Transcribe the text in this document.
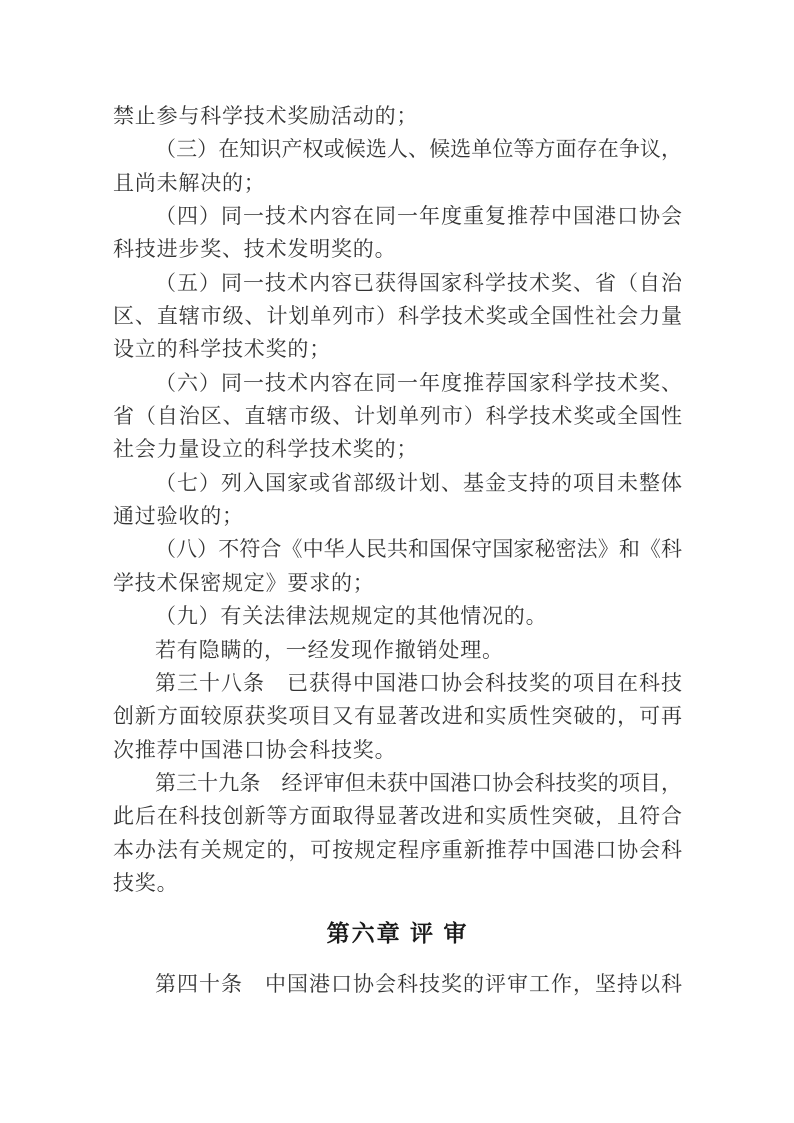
禁止参与科学技术奖励活动的；
（三）在知识产权或候选人、候选单位等方面存在争议，
且尚未解决的；
（四）同一技术内容在同一年度重复推荐中国港口协会
科技进步奖、技术发明奖的。
（五）同一技术内容已获得国家科学技术奖、省（自治
区、直辖市级、计划单列市）科学技术奖或全国性社会力量
设立的科学技术奖的；
（六）同一技术内容在同一年度推荐国家科学技术奖、
省（自治区、直辖市级、计划单列市）科学技术奖或全国性
社会力量设立的科学技术奖的；
（七）列入国家或省部级计划、基金支持的项目未整体
通过验收的；
（八）不符合《中华人民共和国保守国家秘密法》和《科
学技术保密规定》要求的；
（九）有关法律法规规定的其他情况的。
若有隐瞒的，一经发现作撤销处理。
第三十八条　已获得中国港口协会科技奖的项目在科技
创新方面较原获奖项目又有显著改进和实质性突破的，可再
次推荐中国港口协会科技奖。
第三十九条　经评审但未获中国港口协会科技奖的项目，
此后在科技创新等方面取得显著改进和实质性突破，且符合
本办法有关规定的，可按规定程序重新推荐中国港口协会科
技奖。
第六章 评 审
第四十条　中国港口协会科技奖的评审工作，坚持以科
